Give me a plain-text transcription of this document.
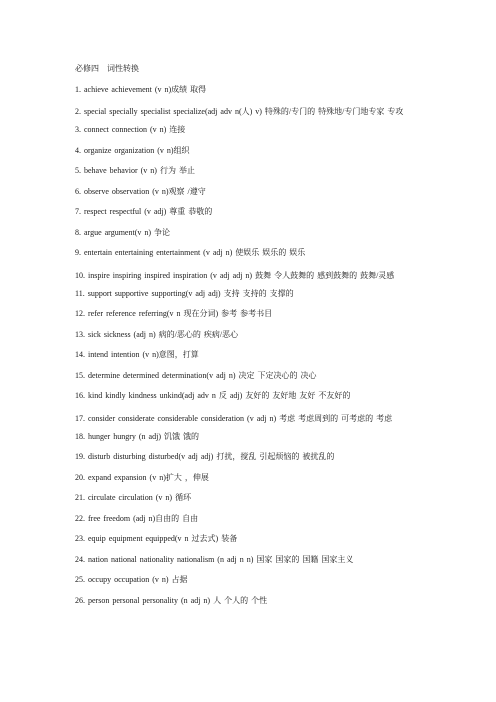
必修四　词性转换
1. achieve achievement (v n)成绩 取得
2. special specially specialist specialize(adj adv n(人) v) 特殊的/专门的 特殊地/专门地专家 专攻
3. connect connection (v n) 连接
4. organize organization (v n)组织
5. behave behavior (v n) 行为 举止
6. observe observation (v n)观察 /遵守
7. respect respectful (v adj) 尊重 恭敬的
8. argue argument(v n) 争论
9. entertain entertaining entertainment (v adj n) 使娱乐 娱乐的 娱乐
10. inspire inspiring inspired inspiration (v adj adj n) 鼓舞 令人鼓舞的 感到鼓舞的 鼓舞/灵感
11. support supportive supporting(v adj adj) 支持 支持的 支撑的
12. refer reference referring(v n 现在分词) 参考 参考书目
13. sick sickness (adj n) 病的/恶心的 疾病/恶心
14. intend intention (v n)意图，打算
15. determine determined determination(v adj n) 决定 下定决心的 决心
16. kind kindly kindness unkind(adj adv n 反 adj) 友好的 友好地 友好 不友好的
17. consider considerate considerable consideration (v adj n) 考虑 考虑周到的 可考虑的 考虑
18. hunger hungry (n adj) 饥饿 饿的
19. disturb disturbing disturbed(v adj adj) 打扰，搅乱 引起烦恼的 被扰乱的
20. expand expansion (v n)扩大 ，伸展
21. circulate circulation (v n) 循环
22. free freedom (adj n)自由的 自由
23. equip equipment equipped(v n 过去式) 装备
24. nation national nationality nationalism (n adj n n) 国家 国家的 国籍 国家主义
25. occupy occupation (v n) 占据
26. person personal personality (n adj n) 人 个人的 个性
